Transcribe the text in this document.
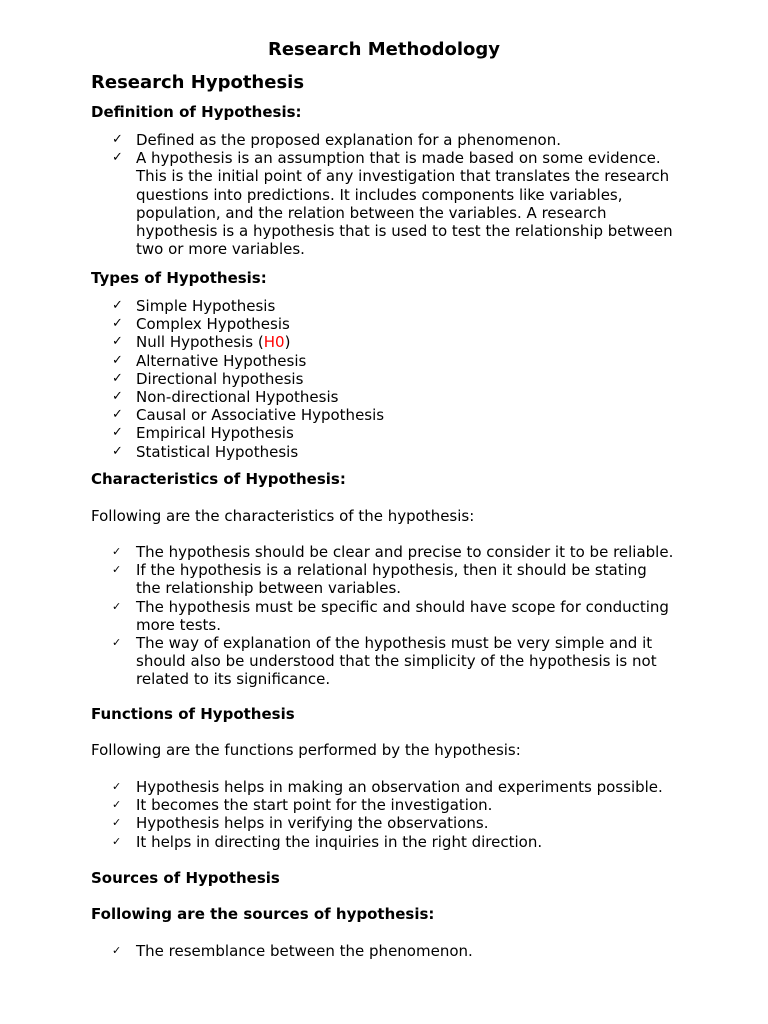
Research Methodology
Research Hypothesis
Definition of Hypothesis:
✓ Defined as the proposed explanation for a phenomenon.
✓ A hypothesis is an assumption that is made based on some evidence. This is the initial point of any investigation that translates the research questions into predictions. It includes components like variables, population, and the relation between the variables. A research hypothesis is a hypothesis that is used to test the relationship between two or more variables.
Types of Hypothesis:
✓ Simple Hypothesis
✓ Complex Hypothesis
✓ Null Hypothesis (H0)
✓ Alternative Hypothesis
✓ Directional hypothesis
✓ Non-directional Hypothesis
✓ Causal or Associative Hypothesis
✓ Empirical Hypothesis
✓ Statistical Hypothesis
Characteristics of Hypothesis:
Following are the characteristics of the hypothesis:
✓ The hypothesis should be clear and precise to consider it to be reliable.
✓ If the hypothesis is a relational hypothesis, then it should be stating the relationship between variables.
✓ The hypothesis must be specific and should have scope for conducting more tests.
✓ The way of explanation of the hypothesis must be very simple and it should also be understood that the simplicity of the hypothesis is not related to its significance.
Functions of Hypothesis
Following are the functions performed by the hypothesis:
✓ Hypothesis helps in making an observation and experiments possible.
✓ It becomes the start point for the investigation.
✓ Hypothesis helps in verifying the observations.
✓ It helps in directing the inquiries in the right direction.
Sources of Hypothesis
Following are the sources of hypothesis:
✓ The resemblance between the phenomenon.
